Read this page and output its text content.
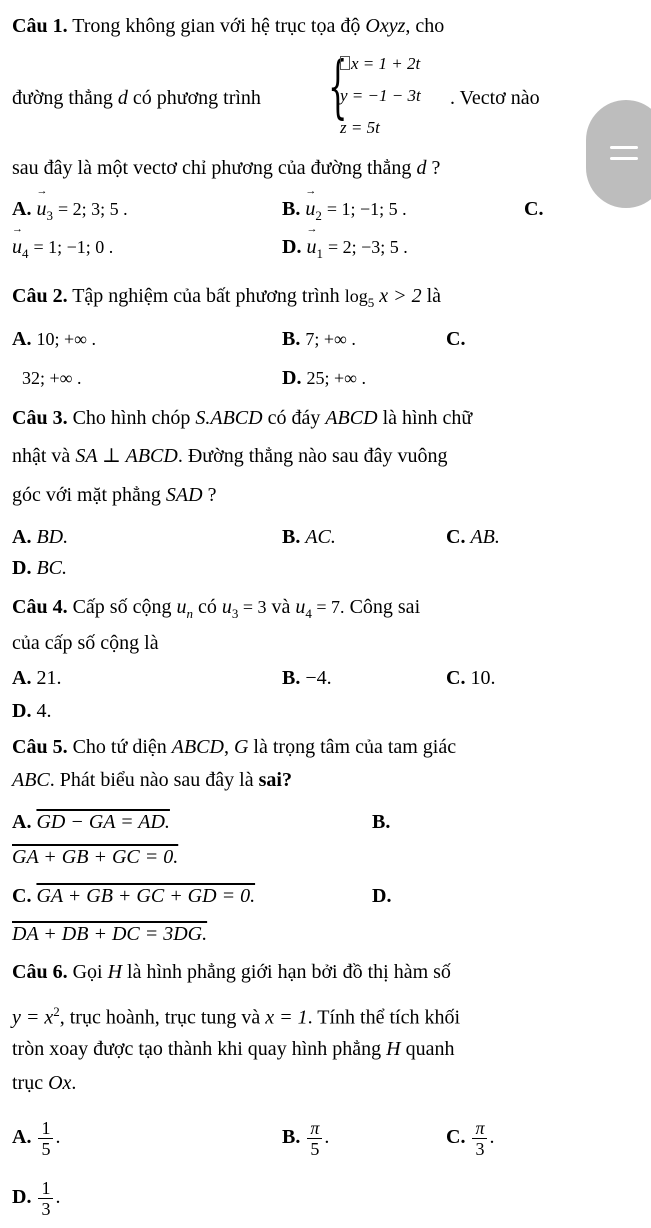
Câu 1. Trong không gian với hệ trục tọa độ Oxyz, cho
đường thẳng d có phương trình { x = 1 + 2t
y = −1 − 3t
z = 5t
. Vectơ nào
sau đây là một vectơ chỉ phương của đường thẳng d ?
A. → $u_3 = 2$; 3; 5 .	B. → $u_2 = 1$; −1; 5 .	C.
→ $u_4 = 1$; −1; 0 .	D. → $u_1 = 2$; −3; 5 .
Câu 2. Tập nghiệm của bất phương trình $\log_5 x > 2$ là
A. 10; +∞ .	B. 7; +∞ .	C.
32; +∞ .	D. 25; +∞ .
Câu 3. Cho hình chóp S.ABCD có đáy ABCD là hình chữ
nhật và SA ⊥ ABCD. Đường thẳng nào sau đây vuông
góc với mặt phẳng SAD ?
A. BD.	B. AC.	C. AB.
D. BC.
Câu 4. Cấp số cộng $u_n$ có $u_3 = 3$ và $u_4 = 7$. Công sai
của cấp số cộng là
A. 21.	B. −4.	C. 10.
D. 4.
Câu 5. Cho tứ diện ABCD, G là trọng tâm của tam giác
ABC. Phát biểu nào sau đây là sai?
A. GD − GA = AD.	B.
GA + GB + GC = 0.
C. GA + GB + GC + GD = 0.	D.
DA + DB + DC = 3DG.
Câu 6. Gọi H là hình phẳng giới hạn bởi đồ thị hàm số
$y = x^2$, trục hoành, trục tung và x = 1. Tính thể tích khối
tròn xoay được tạo thành khi quay hình phẳng H quanh
trục Ox.
A. $\frac{1}{5}$ .	B. $\frac{\pi}{5}$ .	C. $\frac{\pi}{3}$ .
D. $\frac{1}{3}$ .
